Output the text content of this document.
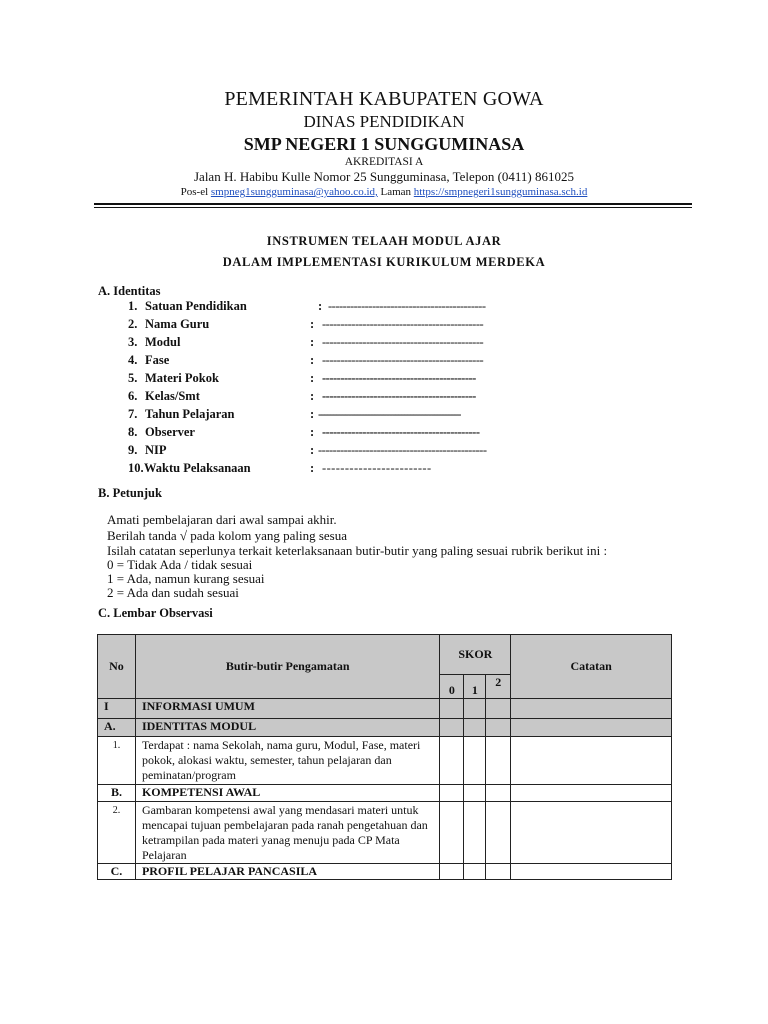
PEMERINTAH KABUPATEN GOWA
DINAS PENDIDIKAN
SMP NEGERI 1 SUNGGUMINASA
AKREDITASI A
Jalan H. Habibu Kulle Nomor 25 Sungguminasa, Telepon (0411) 861025
Pos-el smpneg1sungguminasa@yahoo.co.id, Laman https://smpnegeri1sungguminasa.sch.id
INSTRUMEN TELAAH MODUL AJAR
DALAM IMPLEMENTASI KURIKULUM MERDEKA
A. Identitas
1. Satuan Pendidikan	: -------------------------------------------
2. Nama Guru	: --------------------------------------------
3. Modul	: --------------------------------------------
4. Fase	: --------------------------------------------
5. Materi Pokok	: ------------------------------------------
6. Kelas/Smt	: ------------------------------------------
7. Tahun Pelajaran	: ------------------------------------------------
8. Observer	: -------------------------------------------
9. NIP	: ----------------------------------------------
10. Waktu Pelaksanaan	: ------------------------
B. Petunjuk
Amati pembelajaran dari awal sampai akhir.
Berilah tanda √ pada kolom yang paling sesua
Isilah catatan seperlunya terkait keterlaksanaan butir-butir yang paling sesuai rubrik berikut ini :
0 = Tidak Ada / tidak sesuai
1 = Ada, namun kurang sesuai
2 = Ada dan sudah sesuai
C. Lembar Observasi
No	Butir-butir Pengamatan	SKOR			Catatan
		0	1	2	
I	INFORMASI UMUM				
A.	IDENTITAS MODUL				
1.	Terdapat : nama Sekolah, nama guru, Modul, Fase, materi pokok, alokasi waktu, semester, tahun pelajaran dan peminatan/program				
B.	KOMPETENSI AWAL				
2.	Gambaran kompetensi awal yang mendasari materi untuk mencapai tujuan pembelajaran pada ranah pengetahuan dan ketrampilan pada materi yanag menuju pada CP Mata Pelajaran				
C.	PROFIL PELAJAR PANCASILA				
